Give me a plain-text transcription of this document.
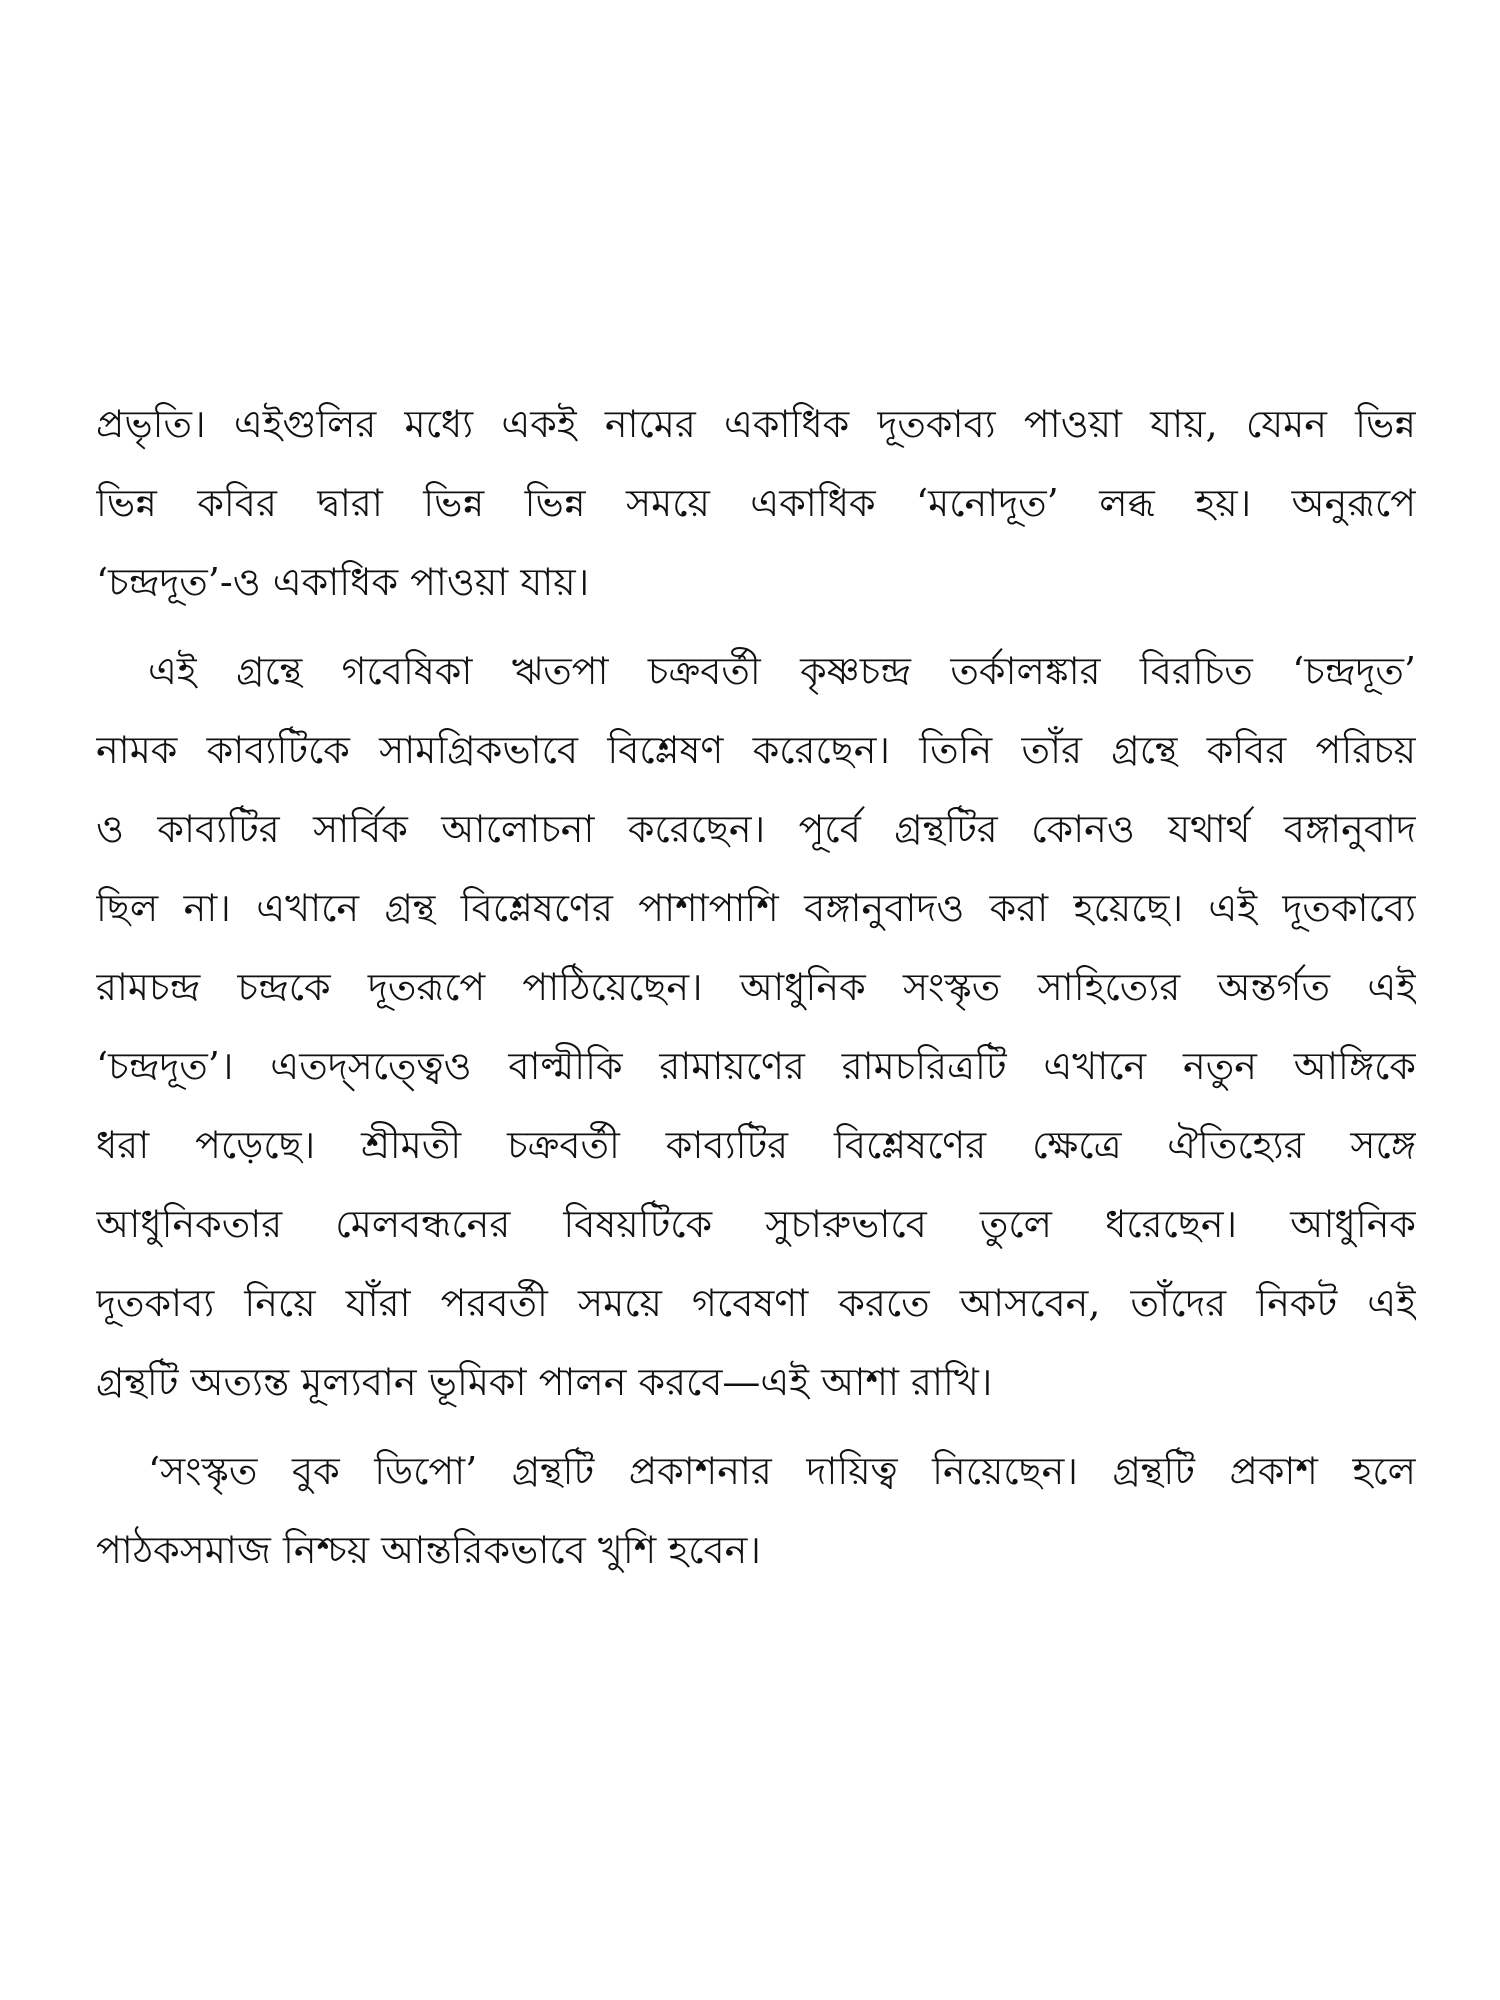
প্রভৃতি। এইগুলির মধ্যে একই নামের একাধিক দূতকাব্য পাওয়া যায়, যেমন ভিন্ন
ভিন্ন কবির দ্বারা ভিন্ন ভিন্ন সময়ে একাধিক ‘মনোদূত’ লব্ধ হয়। অনুরূপে
‘চন্দ্রদূত’-ও একাধিক পাওয়া যায়।
এই গ্রন্থে গবেষিকা ঋতপা চক্রবর্তী কৃষ্ণচন্দ্র তর্কালঙ্কার বিরচিত ‘চন্দ্রদূত’
নামক কাব্যটিকে সামগ্রিকভাবে বিশ্লেষণ করেছেন। তিনি তাঁর গ্রন্থে কবির পরিচয়
ও কাব্যটির সার্বিক আলোচনা করেছেন। পূর্বে গ্রন্থটির কোনও যথার্থ বঙ্গানুবাদ
ছিল না। এখানে গ্রন্থ বিশ্লেষণের পাশাপাশি বঙ্গানুবাদও করা হয়েছে। এই দূতকাব্যে
রামচন্দ্র চন্দ্রকে দূতরূপে পাঠিয়েছেন। আধুনিক সংস্কৃত সাহিত্যের অন্তর্গত এই
‘চন্দ্রদূত’। এতদ্‌সত্ত্বেও বাল্মীকি রামায়ণের রামচরিত্রটি এখানে নতুন আঙ্গিকে
ধরা পড়েছে। শ্রীমতী চক্রবর্তী কাব্যটির বিশ্লেষণের ক্ষেত্রে ঐতিহ্যের সঙ্গে
আধুনিকতার মেলবন্ধনের বিষয়টিকে সুচারুভাবে তুলে ধরেছেন। আধুনিক
দূতকাব্য নিয়ে যাঁরা পরবর্তী সময়ে গবেষণা করতে আসবেন, তাঁদের নিকট এই
গ্রন্থটি অত্যন্ত মূল্যবান ভূমিকা পালন করবে—এই আশা রাখি।
‘সংস্কৃত বুক ডিপো’ গ্রন্থটি প্রকাশনার দায়িত্ব নিয়েছেন। গ্রন্থটি প্রকাশ হলে
পাঠকসমাজ নিশ্চয় আন্তরিকভাবে খুশি হবেন।
